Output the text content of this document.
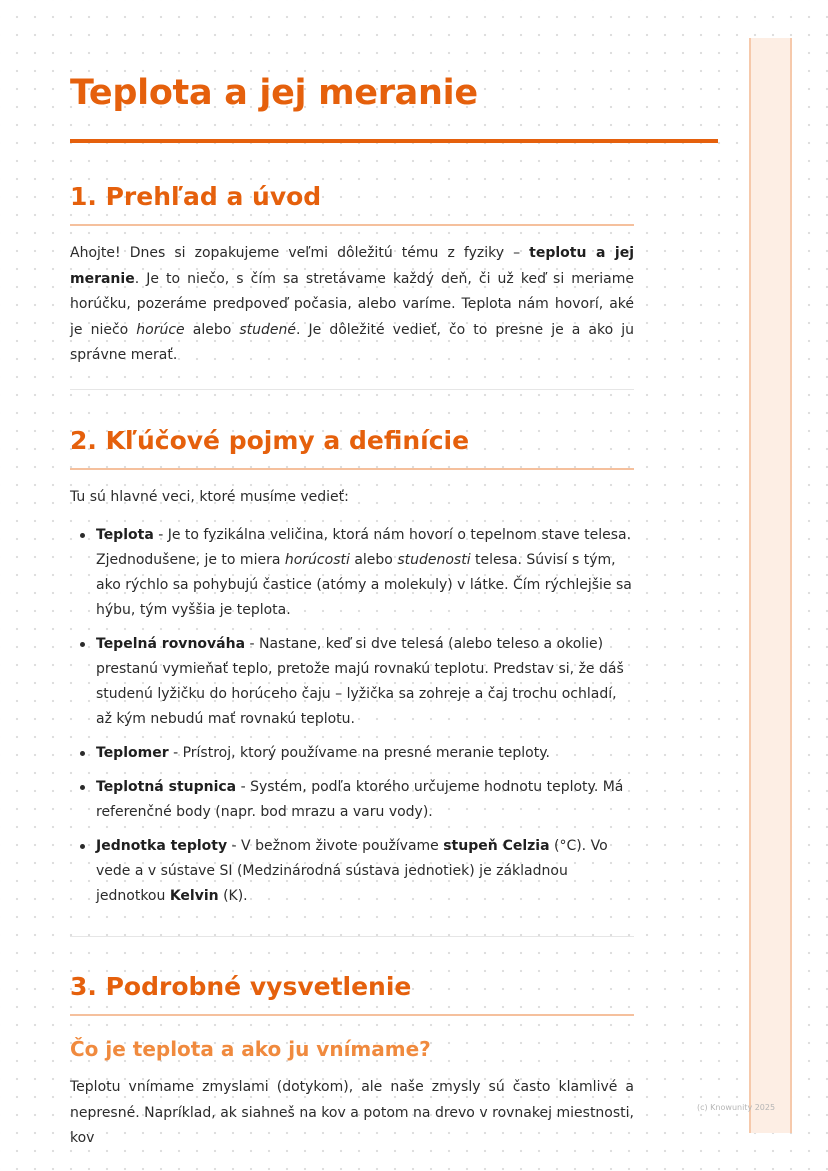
Teplota a jej meranie
1. Prehľad a úvod

Ahojte! Dnes si zopakujeme veľmi dôležitú tému z fyziky – teplotu a jej meranie. Je to niečo, s čím sa stretávame každý deň, či už keď si meriame horúčku, pozeráme predpoveď počasia, alebo varíme. Teplota nám hovorí, aké je niečo horúce alebo studené. Je dôležité vedieť, čo to presne je a ako ju správne merať.

2. Kľúčové pojmy a definície

Tu sú hlavné veci, ktoré musíme vedieť:

Teplota - Je to fyzikálna veličina, ktorá nám hovorí o tepelnom stave telesa. Zjednodušene, je to miera horúcosti alebo studenosti telesa. Súvisí s tým, ako rýchlo sa pohybujú častice (atómy a molekuly) v látke. Čím rýchlejšie sa hýbu, tým vyššia je teplota.
Tepelná rovnováha - Nastane, keď si dve telesá (alebo teleso a okolie) prestanú vymieňať teplo, pretože majú rovnakú teplotu. Predstav si, že dáš studenú lyžičku do horúceho čaju – lyžička sa zohreje a čaj trochu ochladí, až kým nebudú mať rovnakú teplotu.
Teplomer - Prístroj, ktorý používame na presné meranie teploty.
Teplotná stupnica - Systém, podľa ktorého určujeme hodnotu teploty. Má referenčné body (napr. bod mrazu a varu vody).
Jednotka teploty - V bežnom živote používame stupeň Celzia (°C). Vo vede a v sústave SI (Medzinárodná sústava jednotiek) je základnou jednotkou Kelvin (K).
3. Podrobné vysvetlenie
Čo je teplota a ako ju vnímame?

Teplotu vnímame zmyslami (dotykom), ale naše zmysly sú často klamlivé a nepresné. Napríklad, ak siahneš na kov a potom na drevo v rovnakej miestnosti, kov

(c) Knowunity 2025
